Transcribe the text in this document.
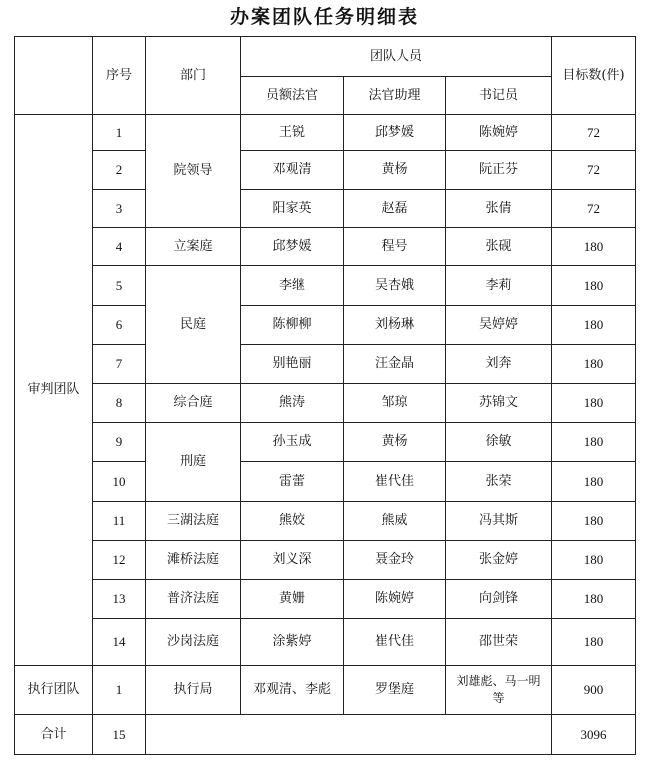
办案团队任务明细表
	序号	部门	团队人员			目标数(件)
			员额法官	法官助理	书记员	
审判团队	1	院领导	王锐	邱梦媛	陈婉婷	72
	2		邓观清	黄杨	阮正芬	72
	3		阳家英	赵磊	张倩	72
	4	立案庭	邱梦媛	程号	张砚	180
	5	民庭	李继	吴杏娥	李莉	180
	6		陈柳柳	刘杨琳	吴婷婷	180
	7		别艳丽	汪金晶	刘奔	180
	8	综合庭	熊涛	邹琼	苏锦文	180
	9	刑庭	孙玉成	黄杨	徐敏	180
	10		雷蕾	崔代佳	张荣	180
	11	三湖法庭	熊姣	熊威	冯其斯	180
	12	滩桥法庭	刘义深	聂金玲	张金婷	180
	13	普济法庭	黄姗	陈婉婷	向剑锋	180
	14	沙岗法庭	涂紫婷	崔代佳	邵世荣	180
执行团队	1	执行局	邓观清、李彪	罗堡庭	刘雄彪、马一明等	900
合计	15					3096
